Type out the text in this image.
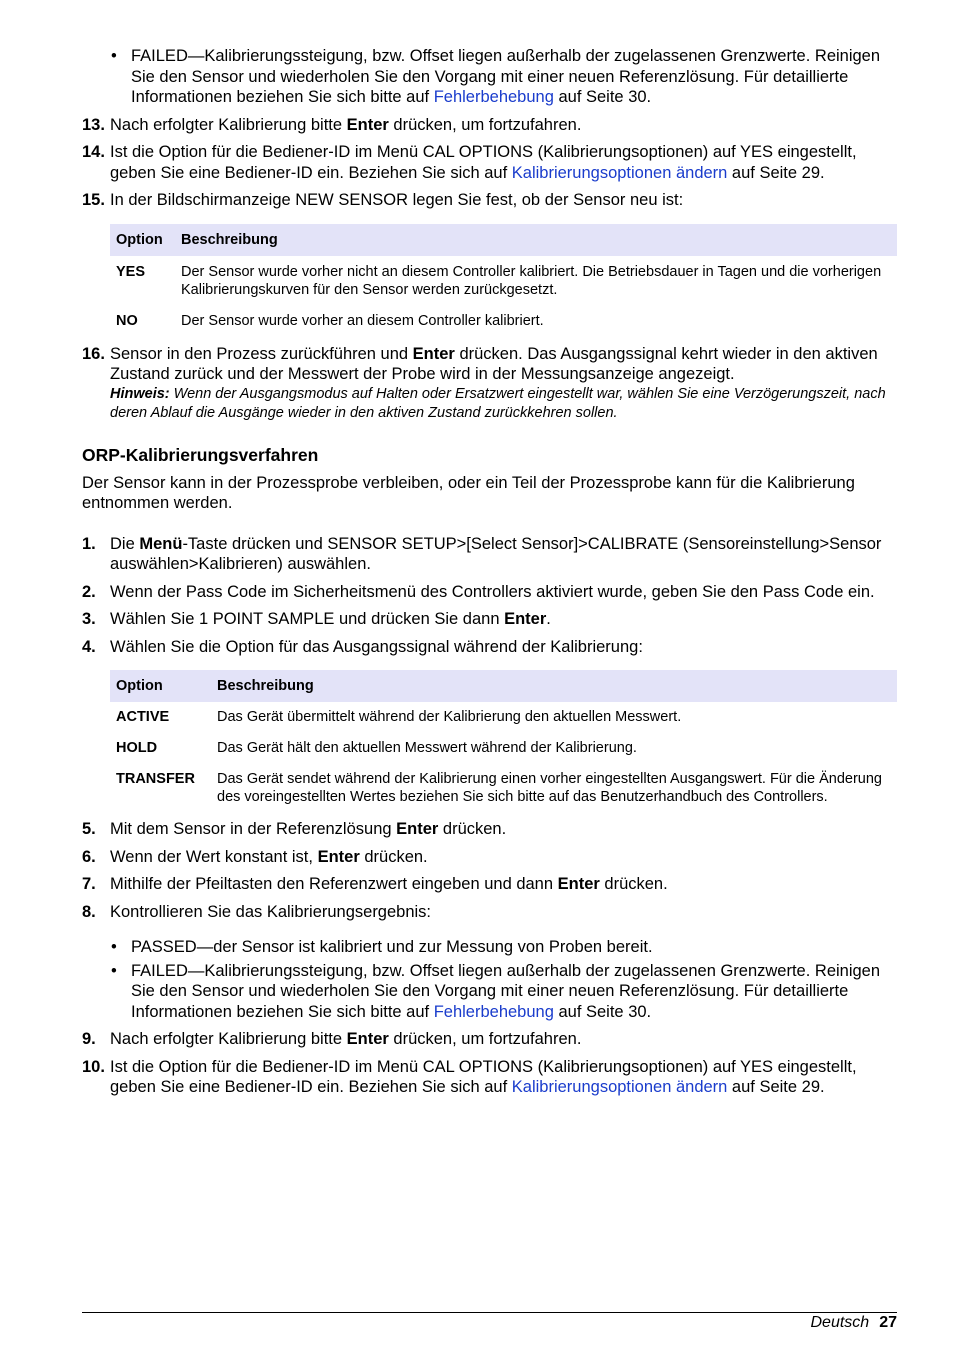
• FAILED—Kalibrierungssteigung, bzw. Offset liegen außerhalb der zugelassenen Grenzwerte. Reinigen Sie den Sensor und wiederholen Sie den Vorgang mit einer neuen Referenzlösung. Für detaillierte Informationen beziehen Sie sich bitte auf Fehlerbehebung auf Seite 30.
13. Nach erfolgter Kalibrierung bitte Enter drücken, um fortzufahren.
14. Ist die Option für die Bediener-ID im Menü CAL OPTIONS (Kalibrierungsoptionen) auf YES eingestellt, geben Sie eine Bediener-ID ein. Beziehen Sie sich auf Kalibrierungsoptionen ändern auf Seite 29.
15. In der Bildschirmanzeige NEW SENSOR legen Sie fest, ob der Sensor neu ist:
Option	Beschreibung
YES	Der Sensor wurde vorher nicht an diesem Controller kalibriert. Die Betriebsdauer in Tagen und die vorherigen Kalibrierungskurven für den Sensor werden zurückgesetzt.
NO	Der Sensor wurde vorher an diesem Controller kalibriert.
16. Sensor in den Prozess zurückführen und Enter drücken. Das Ausgangssignal kehrt wieder in den aktiven Zustand zurück und der Messwert der Probe wird in der Messungsanzeige angezeigt.
Hinweis: Wenn der Ausgangsmodus auf Halten oder Ersatzwert eingestellt war, wählen Sie eine Verzögerungszeit, nach deren Ablauf die Ausgänge wieder in den aktiven Zustand zurückkehren sollen.
ORP-Kalibrierungsverfahren
Der Sensor kann in der Prozessprobe verbleiben, oder ein Teil der Prozessprobe kann für die Kalibrierung entnommen werden.
1. Die Menü-Taste drücken und SENSOR SETUP>[Select Sensor]>CALIBRATE (Sensoreinstellung>Sensor auswählen>Kalibrieren) auswählen.
2. Wenn der Pass Code im Sicherheitsmenü des Controllers aktiviert wurde, geben Sie den Pass Code ein.
3. Wählen Sie 1 POINT SAMPLE und drücken Sie dann Enter.
4. Wählen Sie die Option für das Ausgangssignal während der Kalibrierung:
Option	Beschreibung
ACTIVE	Das Gerät übermittelt während der Kalibrierung den aktuellen Messwert.
HOLD	Das Gerät hält den aktuellen Messwert während der Kalibrierung.
TRANSFER	Das Gerät sendet während der Kalibrierung einen vorher eingestellten Ausgangswert. Für die Änderung des voreingestellten Wertes beziehen Sie sich bitte auf das Benutzerhandbuch des Controllers.
5. Mit dem Sensor in der Referenzlösung Enter drücken.
6. Wenn der Wert konstant ist, Enter drücken.
7. Mithilfe der Pfeiltasten den Referenzwert eingeben und dann Enter drücken.
8. Kontrollieren Sie das Kalibrierungsergebnis:
• PASSED—der Sensor ist kalibriert und zur Messung von Proben bereit.
• FAILED—Kalibrierungssteigung, bzw. Offset liegen außerhalb der zugelassenen Grenzwerte. Reinigen Sie den Sensor und wiederholen Sie den Vorgang mit einer neuen Referenzlösung. Für detaillierte Informationen beziehen Sie sich bitte auf Fehlerbehebung auf Seite 30.
9. Nach erfolgter Kalibrierung bitte Enter drücken, um fortzufahren.
10. Ist die Option für die Bediener-ID im Menü CAL OPTIONS (Kalibrierungsoptionen) auf YES eingestellt, geben Sie eine Bediener-ID ein. Beziehen Sie sich auf Kalibrierungsoptionen ändern auf Seite 29.
Deutsch 27
